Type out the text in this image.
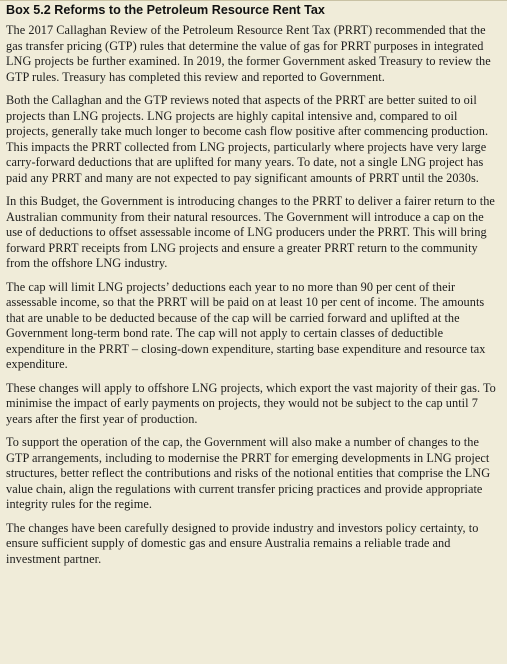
Box 5.2 Reforms to the Petroleum Resource Rent Tax

The 2017 Callaghan Review of the Petroleum Resource Rent Tax (PRRT) recommended that the gas transfer pricing (GTP) rules that determine the value of gas for PRRT purposes in integrated LNG projects be further examined. In 2019, the former Government asked Treasury to review the GTP rules. Treasury has completed this review and reported to Government.

Both the Callaghan and the GTP reviews noted that aspects of the PRRT are better suited to oil projects than LNG projects. LNG projects are highly capital intensive and, compared to oil projects, generally take much longer to become cash flow positive after commencing production. This impacts the PRRT collected from LNG projects, particularly where projects have very large carry-forward deductions that are uplifted for many years. To date, not a single LNG project has paid any PRRT and many are not expected to pay significant amounts of PRRT until the 2030s.

In this Budget, the Government is introducing changes to the PRRT to deliver a fairer return to the Australian community from their natural resources. The Government will introduce a cap on the use of deductions to offset assessable income of LNG producers under the PRRT. This will bring forward PRRT receipts from LNG projects and ensure a greater PRRT return to the community from the offshore LNG industry.

The cap will limit LNG projects’ deductions each year to no more than 90 per cent of their assessable income, so that the PRRT will be paid on at least 10 per cent of income. The amounts that are unable to be deducted because of the cap will be carried forward and uplifted at the Government long-term bond rate. The cap will not apply to certain classes of deductible expenditure in the PRRT – closing-down expenditure, starting base expenditure and resource tax expenditure.

These changes will apply to offshore LNG projects, which export the vast majority of their gas. To minimise the impact of early payments on projects, they would not be subject to the cap until 7 years after the first year of production.

To support the operation of the cap, the Government will also make a number of changes to the GTP arrangements, including to modernise the PRRT for emerging developments in LNG project structures, better reflect the contributions and risks of the notional entities that comprise the LNG value chain, align the regulations with current transfer pricing practices and provide appropriate integrity rules for the regime.

The changes have been carefully designed to provide industry and investors policy certainty, to ensure sufficient supply of domestic gas and ensure Australia remains a reliable trade and investment partner.
